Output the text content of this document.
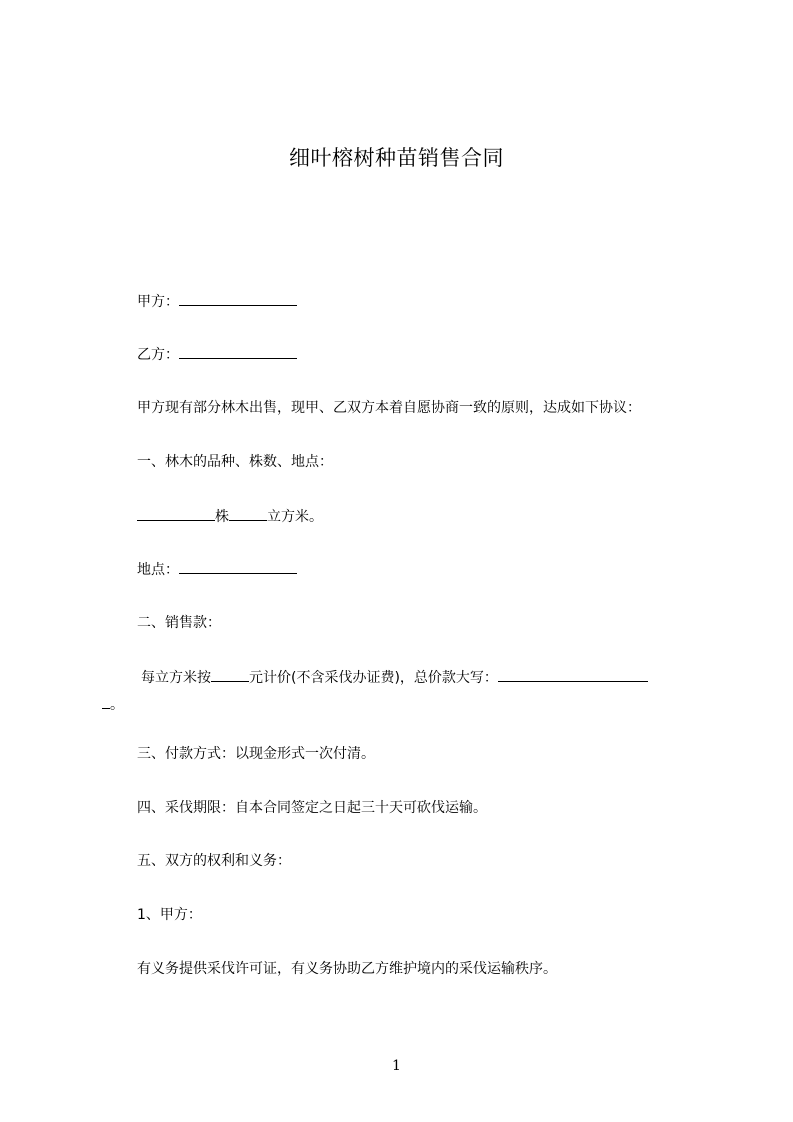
细叶榕树种苗销售合同
甲方：
乙方：
甲方现有部分林木出售，现甲、乙双方本着自愿协商一致的原则，达成如下协议：
一、林木的品种、株数、地点：
株	立方米。
地点：
二、销售款：
每立方米按	元计价(不含采伐办证费)，总价款大写：
。
三、付款方式：以现金形式一次付清。
四、采伐期限：自本合同签定之日起三十天可砍伐运输。
五、双方的权利和义务：
1、甲方：
有义务提供采伐许可证，有义务协助乙方维护境内的采伐运输秩序。
1
